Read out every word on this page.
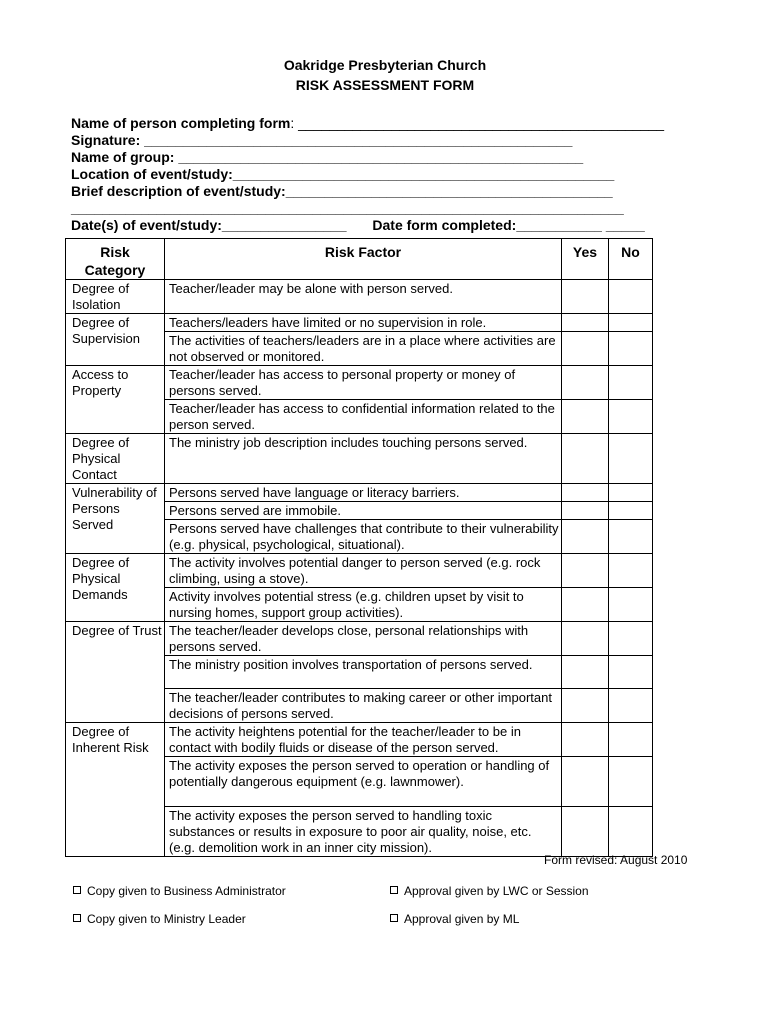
Oakridge Presbyterian Church
RISK ASSESSMENT FORM
Name of person completing form: _______________________________________________
Signature: _______________________________________________________
Name of group: ____________________________________________________
Location of event/study:_________________________________________________
Brief description of event/study:__________________________________________
_______________________________________________________________________
Date(s) of event/study:________________ Date form completed:___________ _____
Risk Category	Risk Factor	Yes	No
Degree of Isolation	Teacher/leader may be alone with person served.		
Degree of Supervision	Teachers/leaders have limited or no supervision in role.		
	The activities of teachers/leaders are in a place where activities are not observed or monitored.		
Access to Property	Teacher/leader has access to personal property or money of persons served.		
	Teacher/leader has access to confidential information related to the person served.		
Degree of Physical Contact	The ministry job description includes touching persons served.		
Vulnerability of Persons Served	Persons served have language or literacy barriers.		
	Persons served are immobile.		
	Persons served have challenges that contribute to their vulnerability (e.g. physical, psychological, situational).		
Degree of Physical Demands	The activity involves potential danger to person served (e.g. rock climbing, using a stove).		
	Activity involves potential stress (e.g. children upset by visit to nursing homes, support group activities).		
Degree of Trust	The teacher/leader develops close, personal relationships with persons served.		
	The ministry position involves transportation of persons served.		
	The teacher/leader contributes to making career or other important decisions of persons served.		
Degree of Inherent Risk	The activity heightens potential for the teacher/leader to be in contact with bodily fluids or disease of the person served.		
	The activity exposes the person served to operation or handling of potentially dangerous equipment (e.g. lawnmower).		
	The activity exposes the person served to handling toxic substances or results in exposure to poor air quality, noise, etc. (e.g. demolition work in an inner city mission).		
Form revised: August 2010
Copy given to Business Administrator	Approval given by LWC or Session
Copy given to Ministry Leader	Approval given by ML
